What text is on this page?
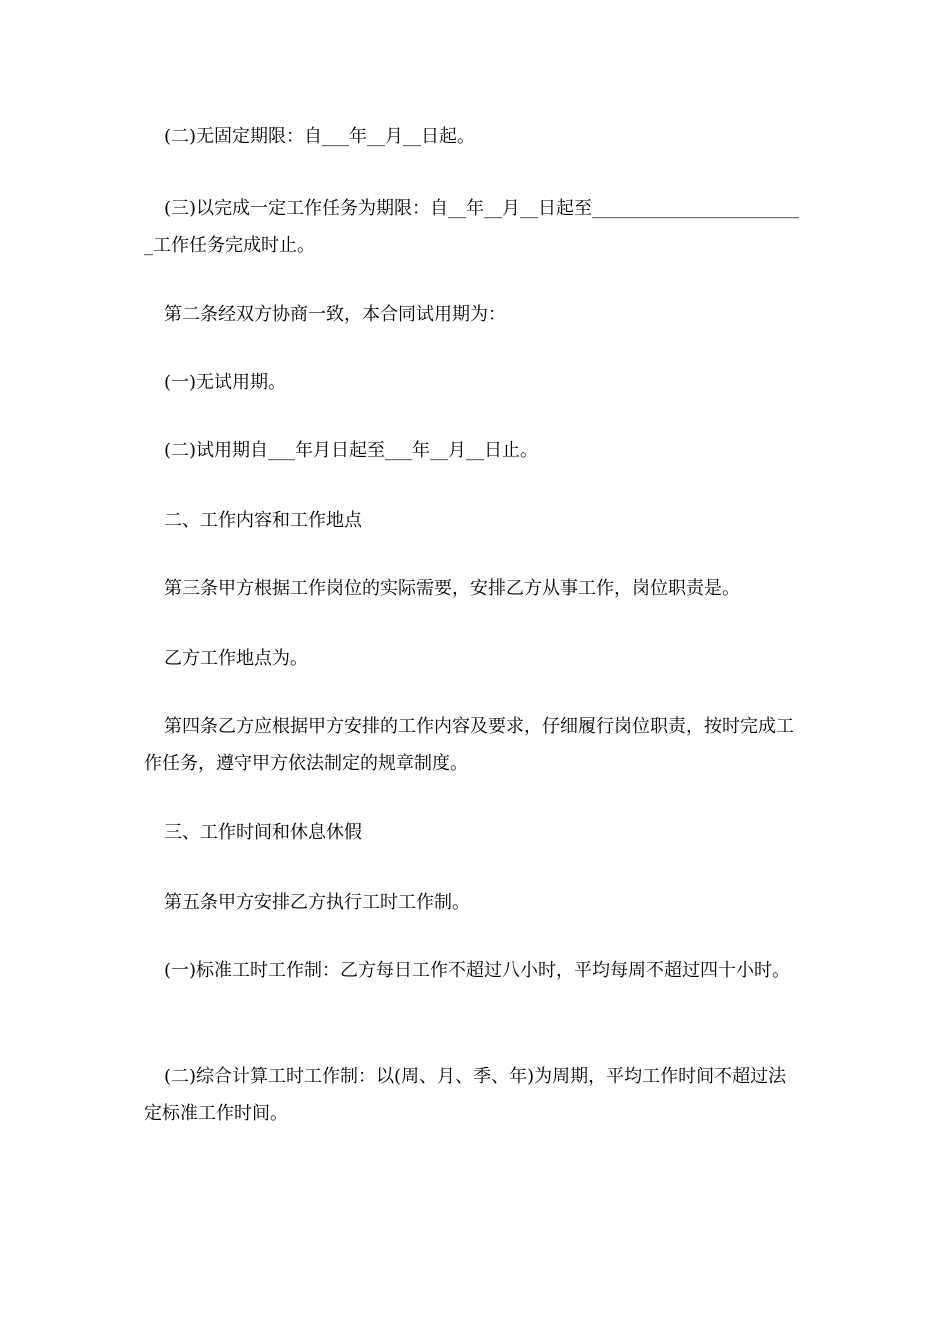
(二)无固定期限：自___年__月__日起。

(三)以完成一定工作任务为期限：自__年__月__日起至________________________工作任务完成时止。

第二条经双方协商一致，本合同试用期为：

(一)无试用期。

(二)试用期自___年月日起至___年__月__日止。

二、工作内容和工作地点

第三条甲方根据工作岗位的实际需要，安排乙方从事工作，岗位职责是。

乙方工作地点为。

第四条乙方应根据甲方安排的工作内容及要求，仔细履行岗位职责，按时完成工作任务，遵守甲方依法制定的规章制度。

三、工作时间和休息休假

第五条甲方安排乙方执行工时工作制。

(一)标准工时工作制：乙方每日工作不超过八小时，平均每周不超过四十小时。

(二)综合计算工时工作制：以(周、月、季、年)为周期，平均工作时间不超过法定标准工作时间。
